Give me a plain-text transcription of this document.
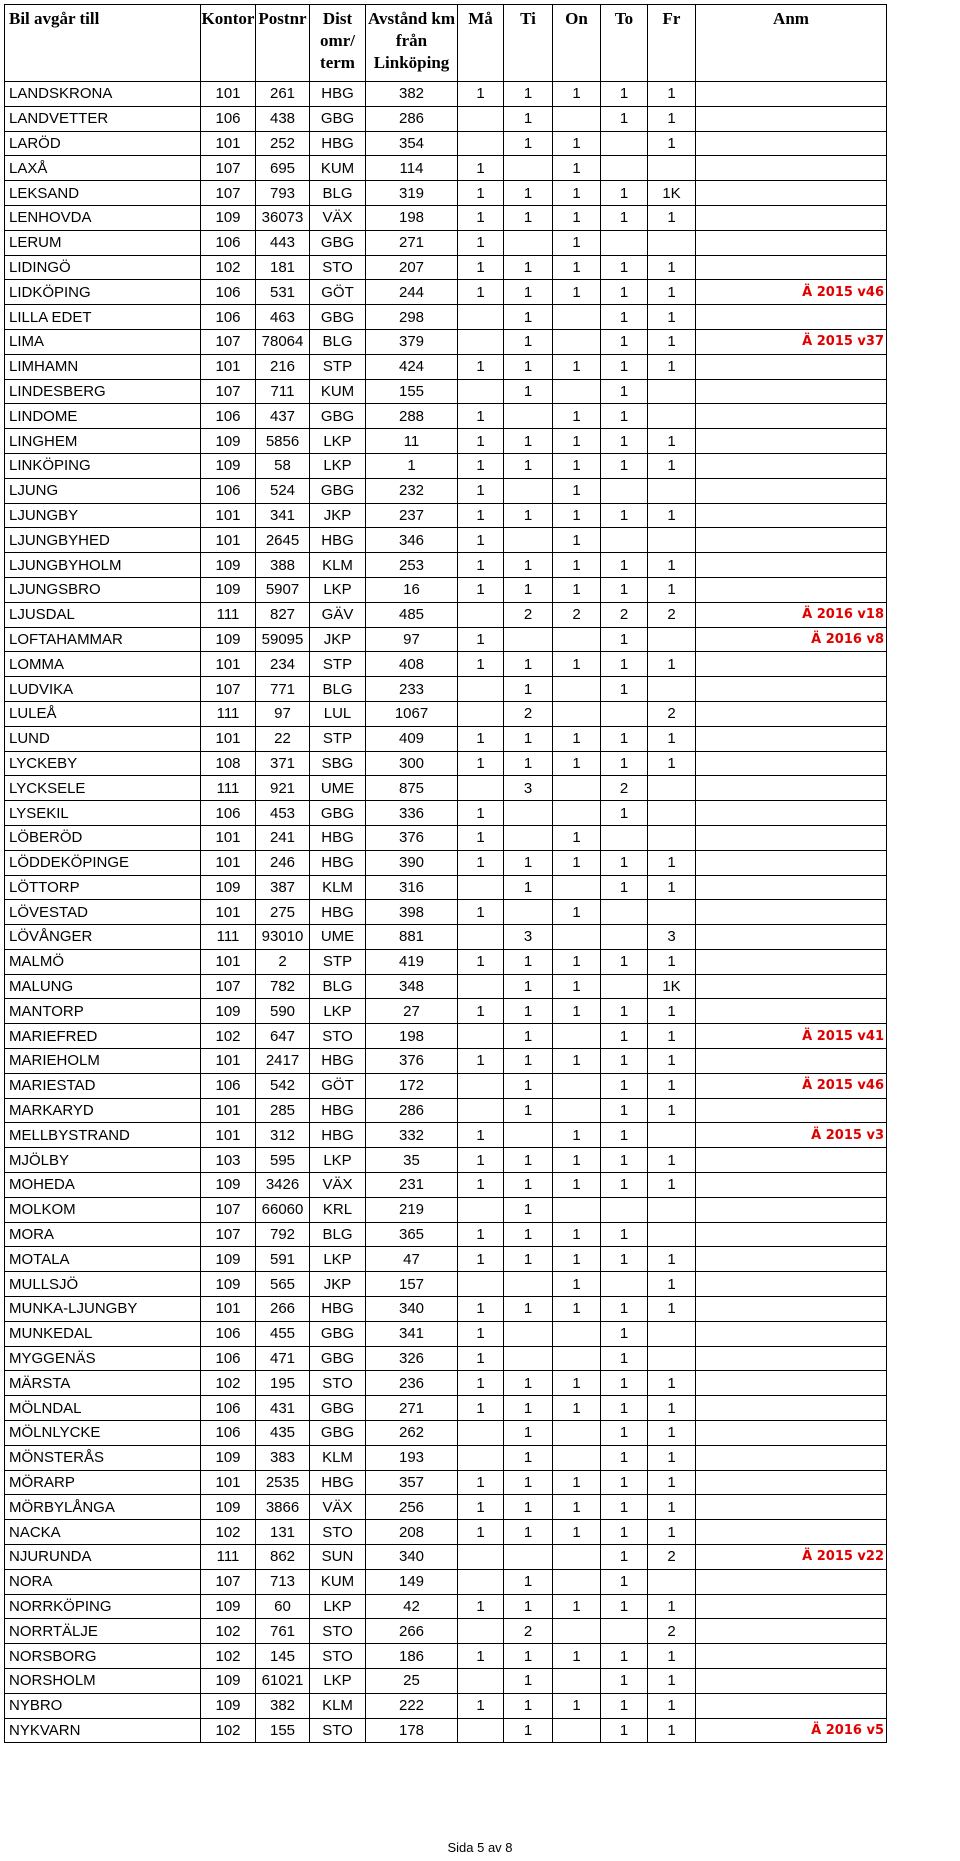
Bil avgår till	Kontor	Postnr	Dist
omr/
term	Avstånd km
från
Linköping	Må	Ti	On	To	Fr	Anm

LANDSKRONA	101	261	HBG	382	1	1	1	1	1	
LANDVETTER	106	438	GBG	286		1		1	1	
LARÖD	101	252	HBG	354		1	1		1	
LAXÅ	107	695	KUM	114	1		1			
LEKSAND	107	793	BLG	319	1	1	1	1	1K	
LENHOVDA	109	36073	VÄX	198	1	1	1	1	1	
LERUM	106	443	GBG	271	1		1			
LIDINGÖ	102	181	STO	207	1	1	1	1	1	
LIDKÖPING	106	531	GÖT	244	1	1	1	1	1	Ä 2015 v46
LILLA EDET	106	463	GBG	298		1		1	1	
LIMA	107	78064	BLG	379		1		1	1	Ä 2015 v37
LIMHAMN	101	216	STP	424	1	1	1	1	1	
LINDESBERG	107	711	KUM	155		1		1		
LINDOME	106	437	GBG	288	1		1	1		
LINGHEM	109	5856	LKP	11	1	1	1	1	1	
LINKÖPING	109	58	LKP	1	1	1	1	1	1	
LJUNG	106	524	GBG	232	1		1			
LJUNGBY	101	341	JKP	237	1	1	1	1	1	
LJUNGBYHED	101	2645	HBG	346	1		1			
LJUNGBYHOLM	109	388	KLM	253	1	1	1	1	1	
LJUNGSBRO	109	5907	LKP	16	1	1	1	1	1	
LJUSDAL	111	827	GÄV	485		2	2	2	2	Ä 2016 v18
LOFTAHAMMAR	109	59095	JKP	97	1			1		Ä 2016 v8
LOMMA	101	234	STP	408	1	1	1	1	1	
LUDVIKA	107	771	BLG	233		1		1		
LULEÅ	111	97	LUL	1067		2			2	
LUND	101	22	STP	409	1	1	1	1	1	
LYCKEBY	108	371	SBG	300	1	1	1	1	1	
LYCKSELE	111	921	UME	875		3		2		
LYSEKIL	106	453	GBG	336	1			1		
LÖBERÖD	101	241	HBG	376	1		1			
LÖDDEKÖPINGE	101	246	HBG	390	1	1	1	1	1	
LÖTTORP	109	387	KLM	316		1		1	1	
LÖVESTAD	101	275	HBG	398	1		1			
LÖVÅNGER	111	93010	UME	881		3			3	
MALMÖ	101	2	STP	419	1	1	1	1	1	
MALUNG	107	782	BLG	348		1	1		1K	
MANTORP	109	590	LKP	27	1	1	1	1	1	
MARIEFRED	102	647	STO	198		1		1	1	Ä 2015 v41
MARIEHOLM	101	2417	HBG	376	1	1	1	1	1	
MARIESTAD	106	542	GÖT	172		1		1	1	Ä 2015 v46
MARKARYD	101	285	HBG	286		1		1	1	
MELLBYSTRAND	101	312	HBG	332	1		1	1		Ä 2015 v3
MJÖLBY	103	595	LKP	35	1	1	1	1	1	
MOHEDA	109	3426	VÄX	231	1	1	1	1	1	
MOLKOM	107	66060	KRL	219		1				
MORA	107	792	BLG	365	1	1	1	1		
MOTALA	109	591	LKP	47	1	1	1	1	1	
MULLSJÖ	109	565	JKP	157			1		1	
MUNKA-LJUNGBY	101	266	HBG	340	1	1	1	1	1	
MUNKEDAL	106	455	GBG	341	1			1		
MYGGENÄS	106	471	GBG	326	1			1		
MÄRSTA	102	195	STO	236	1	1	1	1	1	
MÖLNDAL	106	431	GBG	271	1	1	1	1	1	
MÖLNLYCKE	106	435	GBG	262		1		1	1	
MÖNSTERÅS	109	383	KLM	193		1		1	1	
MÖRARP	101	2535	HBG	357	1	1	1	1	1	
MÖRBYLÅNGA	109	3866	VÄX	256	1	1	1	1	1	
NACKA	102	131	STO	208	1	1	1	1	1	
NJURUNDA	111	862	SUN	340				1	2	Ä 2015 v22
NORA	107	713	KUM	149		1		1		
NORRKÖPING	109	60	LKP	42	1	1	1	1	1	
NORRTÄLJE	102	761	STO	266		2			2	
NORSBORG	102	145	STO	186	1	1	1	1	1	
NORSHOLM	109	61021	LKP	25		1		1	1	
NYBRO	109	382	KLM	222	1	1	1	1	1	
NYKVARN	102	155	STO	178		1		1	1	Ä 2016 v5
Sida 5 av 8
